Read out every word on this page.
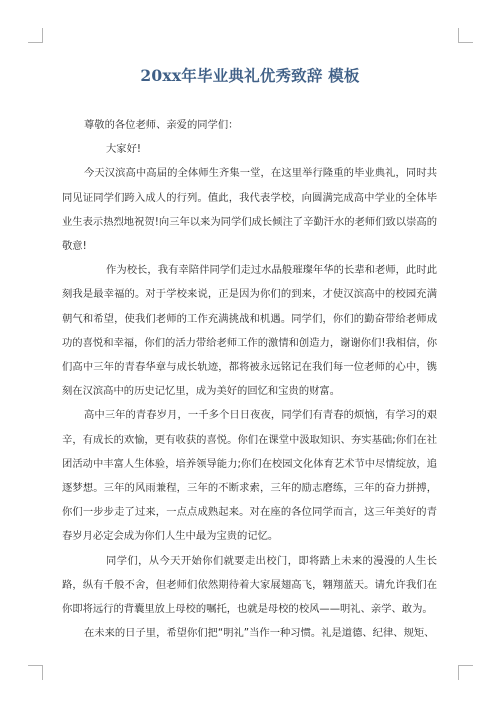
20xx年毕业典礼优秀致辞 模板

尊敬的各位老师、亲爱的同学们：

大家好!

今天汉滨高中高届的全体师生齐集一堂，在这里举行隆重的毕业典礼，同时共同见证同学们跨入成人的行列。值此，我代表学校，向圆满完成高中学业的全体毕业生表示热烈地祝贺!向三年以来为同学们成长倾注了辛勤汗水的老师们致以崇高的敬意!

作为校长，我有幸陪伴同学们走过水晶般璀璨年华的长辈和老师，此时此刻我是最幸福的。对于学校来说，正是因为你们的到来，才使汉滨高中的校园充满朝气和希望，使我们老师的工作充满挑战和机遇。同学们，你们的勤奋带给老师成功的喜悦和幸福，你们的活力带给老师工作的激情和创造力，谢谢你们!我相信，你们高中三年的青春华章与成长轨迹，都将被永远铭记在我们每一位老师的心中，镌刻在汉滨高中的历史记忆里，成为美好的回忆和宝贵的财富。

高中三年的青春岁月，一千多个日日夜夜，同学们有青春的烦恼，有学习的艰辛，有成长的欢愉，更有收获的喜悦。你们在课堂中汲取知识、夯实基础;你们在社团活动中丰富人生体验，培养领导能力;你们在校园文化体育艺术节中尽情绽放，追逐梦想。三年的风雨兼程，三年的不断求索，三年的励志磨练，三年的奋力拼搏，你们一步步走了过来，一点点成熟起来。对在座的各位同学而言，这三年美好的青春岁月必定会成为你们人生中最为宝贵的记忆。

同学们，从今天开始你们就要走出校门，即将踏上未来的漫漫的人生长路，纵有千般不舍，但老师们依然期待着大家展翅高飞，翱翔蓝天。请允许我们在你即将远行的背囊里放上母校的嘱托，也就是母校的校风——明礼、亲学、敢为。

在未来的日子里，希望你们把“明礼”当作一种习惯。礼是道德、纪律、规矩、
